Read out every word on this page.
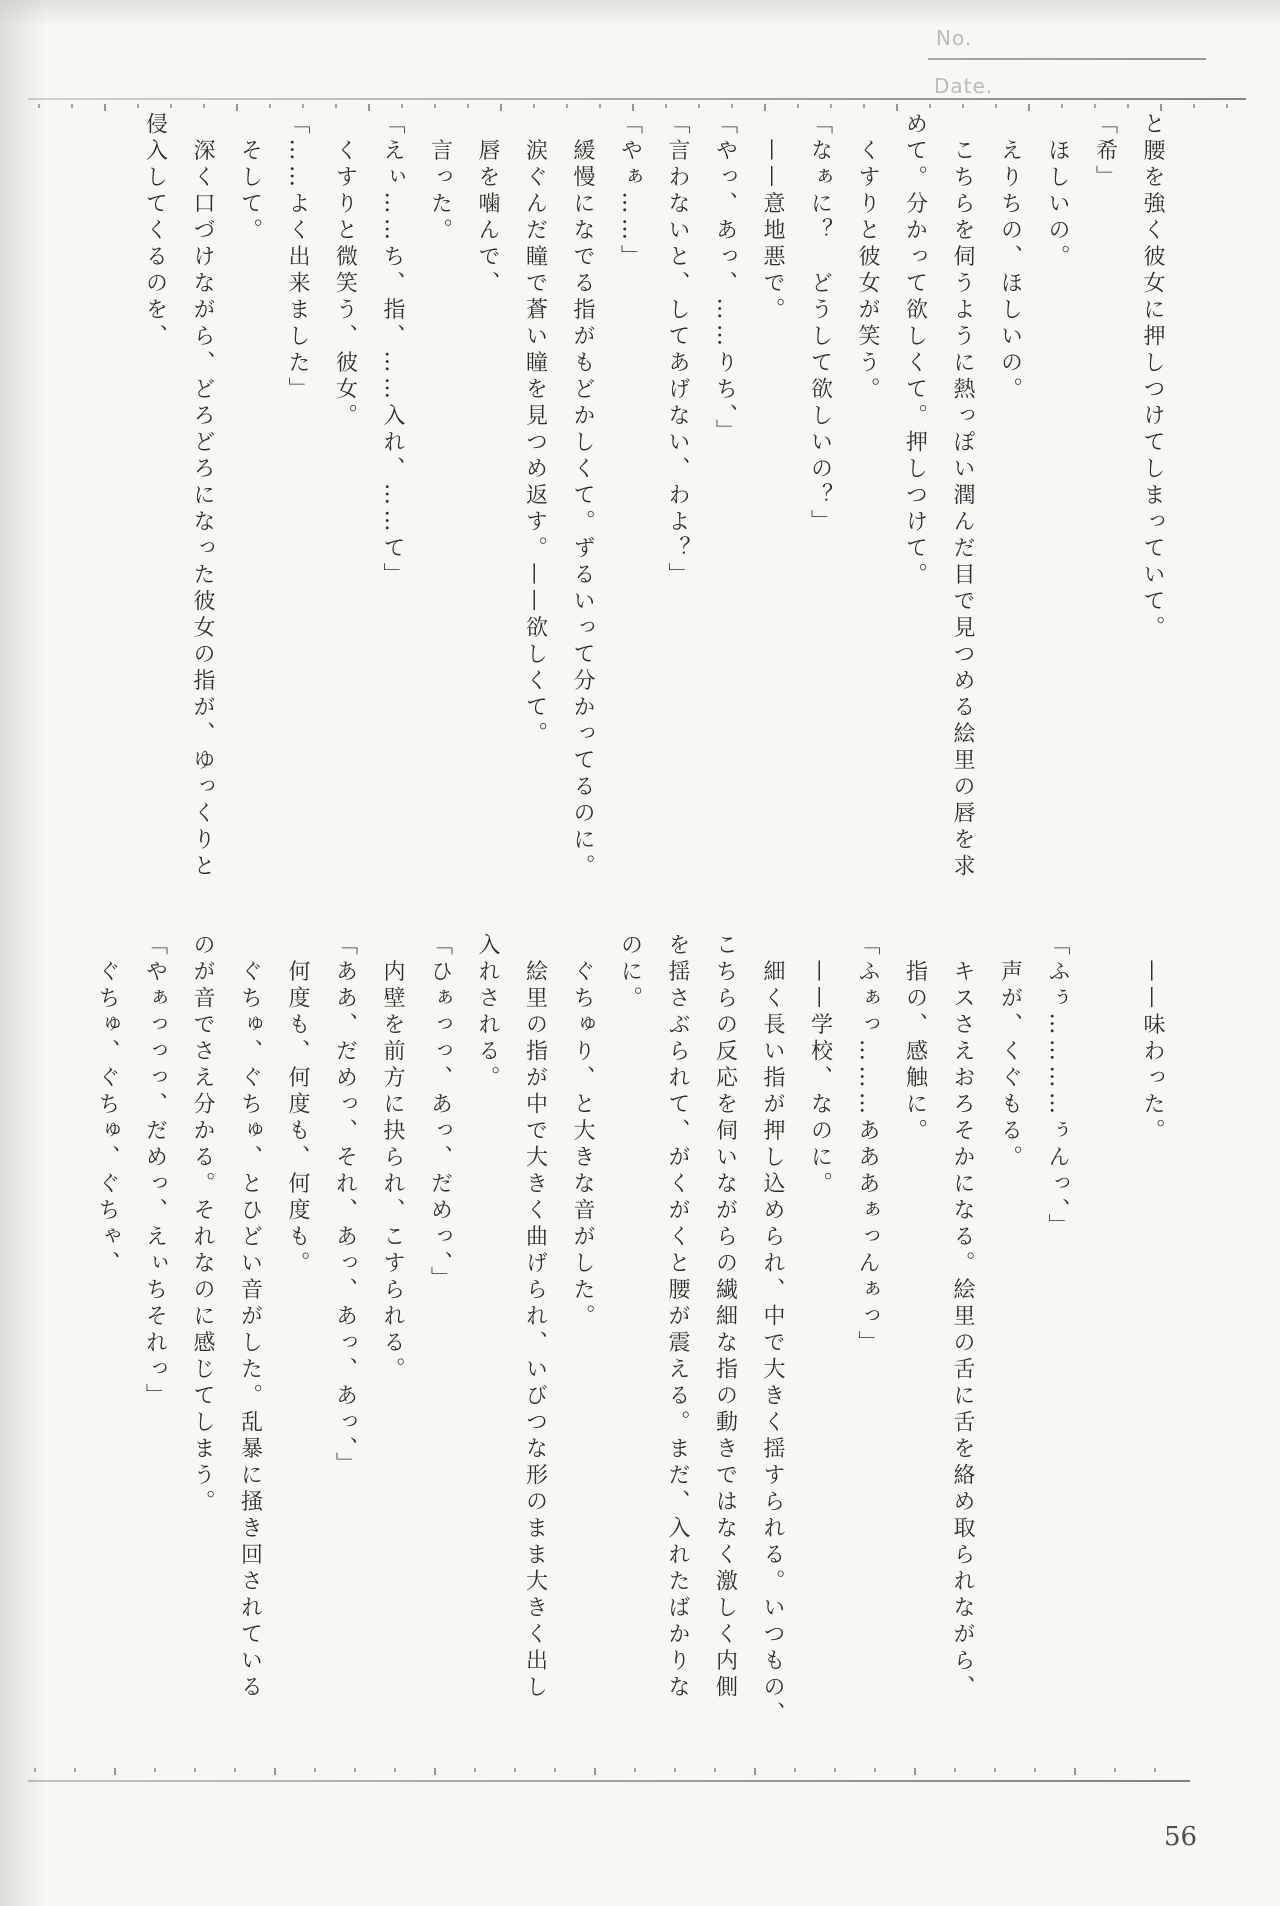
No.
Date.

と腰を強く彼女に押しつけてしまっていて。

「希」

　ほしいの。

　えりちの、ほしいの。

　こちらを伺うように熱っぽい潤んだ目で見つめる絵里の唇を求

めて。分かって欲しくて。押しつけて。

　くすりと彼女が笑う。

「なぁに？　どうして欲しいの？」

　——意地悪で。

「やっ、あっ、……りち、」

「言わないと、してあげない、わよ？」

「やぁ……」

　緩慢になでる指がもどかしくて。ずるいって分かってるのに。

　涙ぐんだ瞳で蒼い瞳を見つめ返す。——欲しくて。

　唇を噛んで、

　言った。

「えぃ……ち、指、……入れ、……て」

　くすりと微笑う、彼女。

「……よく出来ました」

　そして。

　深く口づけながら、どろどろになった彼女の指が、ゆっくりと

侵入してくるのを、

　——味わった。

「ふぅ…………ぅんっ、」

　声が、くぐもる。

　キスさえおろそかになる。絵里の舌に舌を絡め取られながら、

　指の、感触に。

「ふぁっ………あああぁっんぁっ」

　——学校、なのに。

　細く長い指が押し込められ、中で大きく揺すられる。いつもの、

こちらの反応を伺いながらの繊細な指の動きではなく激しく内側

を揺さぶられて、がくがくと腰が震える。まだ、入れたばかりな

のに。

　ぐちゅり、と大きな音がした。

　絵里の指が中で大きく曲げられ、いびつな形のまま大きく出し

入れされる。

「ひぁっっ、あっ、だめっ、」

　内壁を前方に抉られ、こすられる。

「ああ、だめっ、それ、あっ、あっ、あっ、」

　何度も、何度も、何度も。

　ぐちゅ、ぐちゅ、とひどい音がした。乱暴に掻き回されている

のが音でさえ分かる。それなのに感じてしまう。

「やぁっっっ、だめっ、えぃちそれっ」

　ぐちゅ、ぐちゅ、ぐちゃ、

56
